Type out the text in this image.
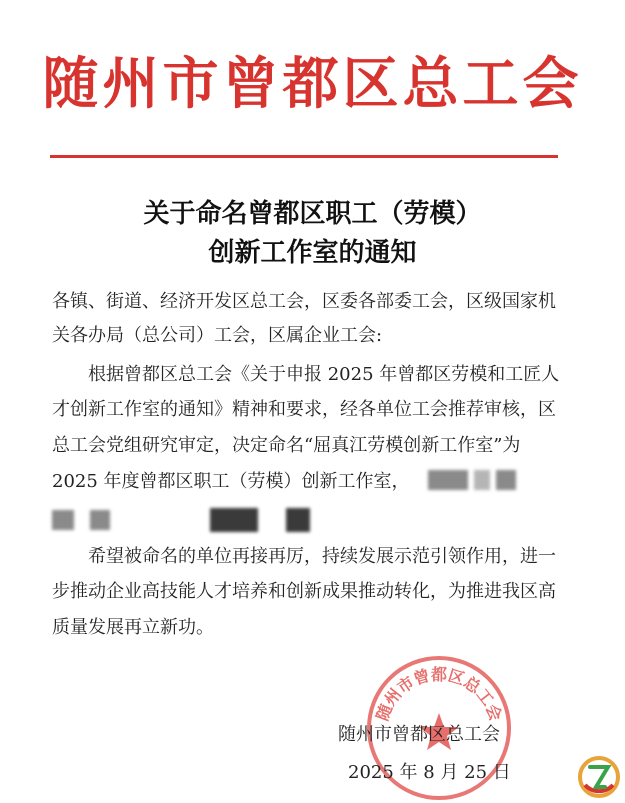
随州市曾都区总工会
关于命名曾都区职工（劳模）
创新工作室的通知
各镇、街道、经济开发区总工会，区委各部委工会，区级国家机
关各办局（总公司）工会，区属企业工会:
根据曾都区总工会《关于申报 2025 年曾都区劳模和工匠人
才创新工作室的通知》精神和要求，经各单位工会推荐审核，区
总工会党组研究审定，决定命名“屈真江劳模创新工作室”为
2025 年度曾都区职工（劳模）创新工作室，
希望被命名的单位再接再厉，持续发展示范引领作用，进一
步推动企业高技能人才培养和创新成果推动转化，为推进我区高
质量发展再立新功。
随州市曾都区总工会
随州市曾都区总工会
2025 年 8 月 25 日
